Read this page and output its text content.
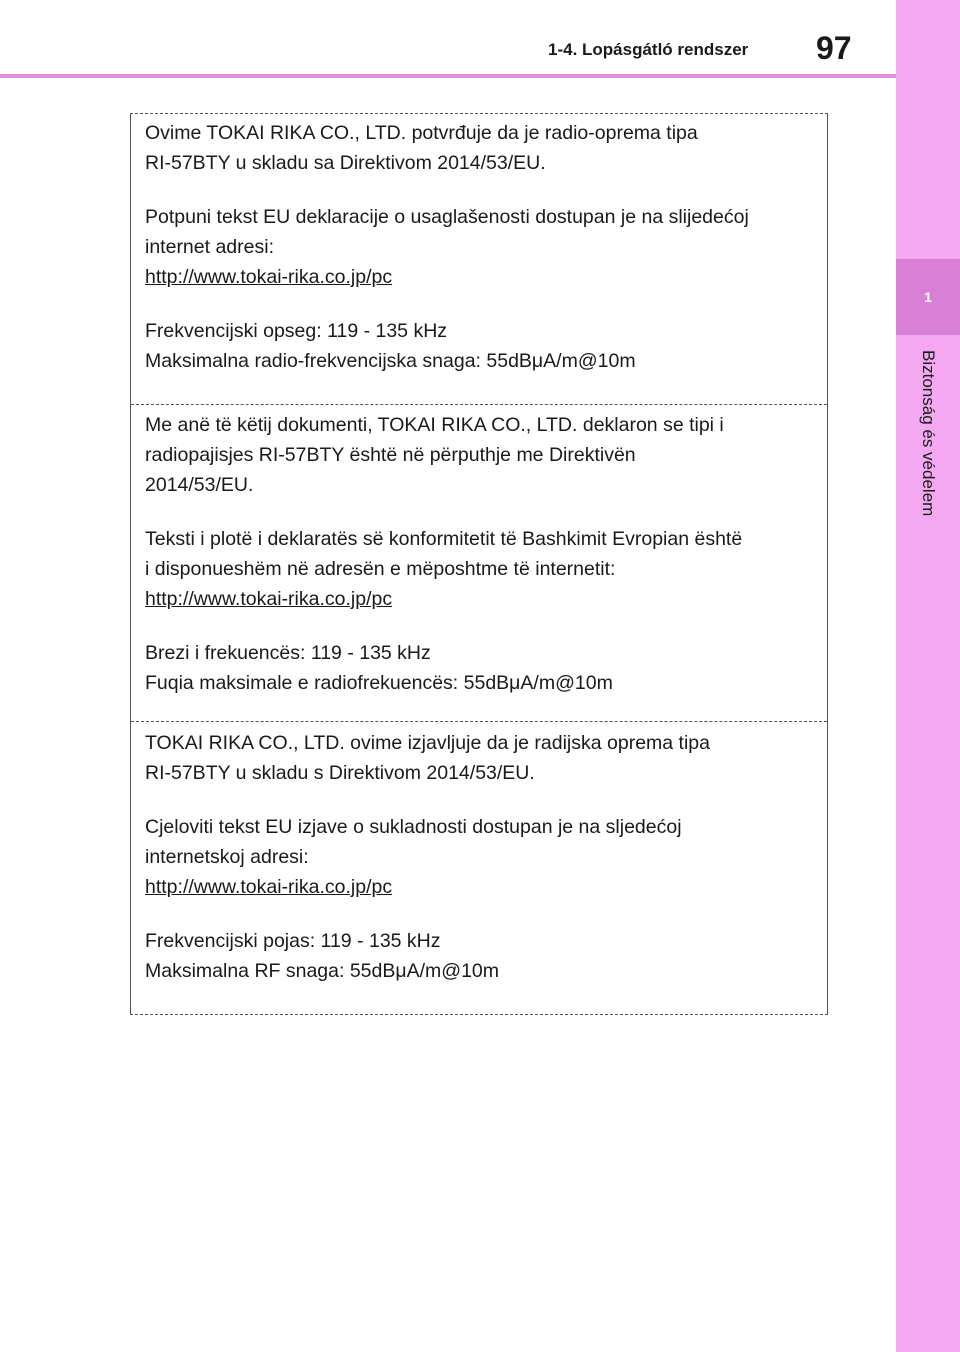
1-4. Lopásgátló rendszer 97
1
Biztonság és védelem

Ovime TOKAI RIKA CO., LTD. potvrđuje da je radio-oprema tipa

RI-57BTY u skladu sa Direktivom 2014/53/EU.

Potpuni tekst EU deklaracije o usaglašenosti dostupan je na slijedećoj

internet adresi:

http://www.tokai-rika.co.jp/pc

Frekvencijski opseg: 119 - 135 kHz

Maksimalna radio-frekvencijska snaga: 55dBμA/m@10m

Me anë të këtij dokumenti, TOKAI RIKA CO., LTD. deklaron se tipi i

radiopajisjes RI-57BTY është në përputhje me Direktivën

2014/53/EU.

Teksti i plotë i deklaratës së konformitetit të Bashkimit Evropian është

i disponueshëm në adresën e mëposhtme të internetit:

http://www.tokai-rika.co.jp/pc

Brezi i frekuencës: 119 - 135 kHz

Fuqia maksimale e radiofrekuencës: 55dBμA/m@10m

TOKAI RIKA CO., LTD. ovime izjavljuje da je radijska oprema tipa

RI-57BTY u skladu s Direktivom 2014/53/EU.

Cjeloviti tekst EU izjave o sukladnosti dostupan je na sljedećoj

internetskoj adresi:

http://www.tokai-rika.co.jp/pc

Frekvencijski pojas: 119 - 135 kHz

Maksimalna RF snaga: 55dBμA/m@10m
